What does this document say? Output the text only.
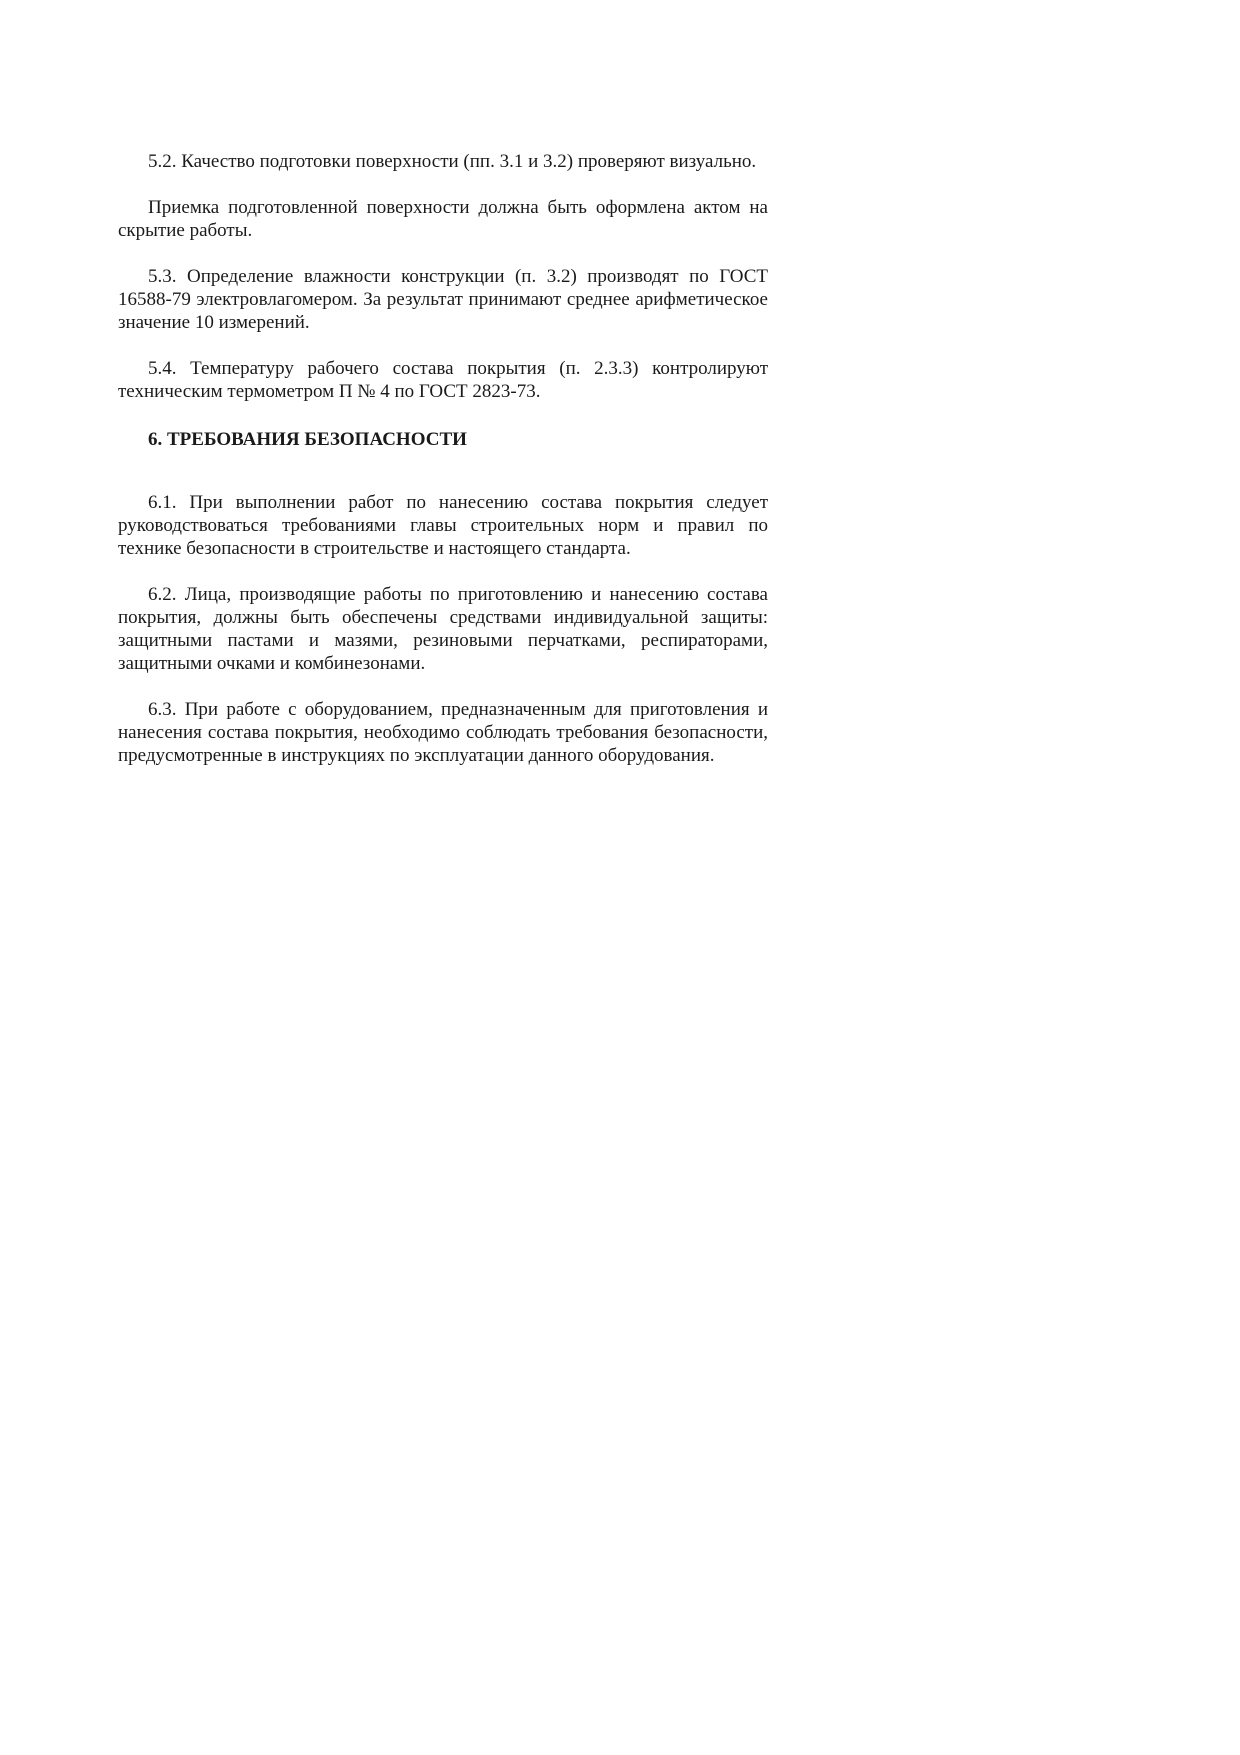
5.2. Качество подготовки поверхности (пп. 3.1 и 3.2) проверяют визуально.

Приемка подготовленной поверхности должна быть оформлена актом на скрытие работы.

5.3. Определение влажности конструкции (п. 3.2) производят по ГОСТ 16588-79 электровлагомером. За результат принимают среднее арифметическое значение 10 измерений.

5.4. Температуру рабочего состава покрытия (п. 2.3.3) контролируют техническим термометром П № 4 по ГОСТ 2823-73.

6. ТРЕБОВАНИЯ БЕЗОПАСНОСТИ

6.1. При выполнении работ по нанесению состава покрытия следует руководствоваться требованиями главы строительных норм и правил по технике безопасности в строительстве и настоящего стандарта.

6.2. Лица, производящие работы по приготовлению и нанесению состава покрытия, должны быть обеспечены средствами индивидуальной защиты: защитными пастами и мазями, резиновыми перчатками, респираторами, защитными очками и комбинезонами.

6.3. При работе с оборудованием, предназначенным для приготовления и нанесения состава покрытия, необходимо соблюдать требования безопасности, предусмотренные в инструкциях по эксплуатации данного оборудования.
